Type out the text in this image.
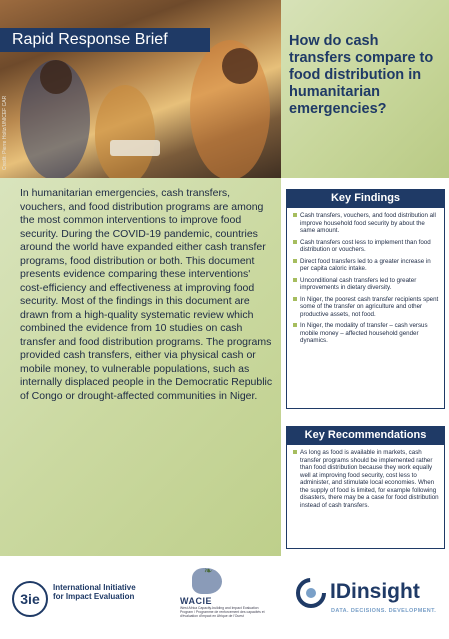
Rapid Response Brief
Credit: Pierre Holtz/UNICEF CAR
How do cash transfers compare to food distribution in humanitarian emergencies?

In humanitarian emergencies, cash transfers, vouchers, and food distribution programs are among the most common interventions to improve food security. During the COVID-19 pandemic, countries around the world have expanded either cash transfer programs, food distribution or both. This document presents evidence comparing these interventions' cost-efficiency and effectiveness at improving food security. Most of the findings in this document are drawn from a high-quality systematic review which combined the evidence from 10 studies on cash transfer and food distribution programs. The programs provided cash transfers, either via physical cash or mobile money, to vulnerable populations, such as internally displaced people in the Democratic Republic of Congo or drought-affected communities in Niger.

Key Findings
Cash transfers, vouchers, and food distribution all improve household food security by about the same amount.
Cash transfers cost less to implement than food distribution or vouchers.
Direct food transfers led to a greater increase in per capita caloric intake.
Unconditional cash transfers led to greater improvements in dietary diversity.
In Niger, the poorest cash transfer recipients spent some of the transfer on agriculture and other productive assets, not food.
In Niger, the modality of transfer – cash versus mobile money – affected household gender dynamics.
Key Recommendations
As long as food is available in markets, cash transfer programs should be implemented rather than food distribution because they work equally well at improving food security, cost less to administer, and stimulate local economies. When the supply of food is limited, for example following disasters, there may be a case for food distribution instead of cash transfers.
3ie
International Initiative for Impact Evaluation
❧
WACIE
West Africa Capacity-building and Impact Evaluation Program / Programme de renforcement des capacités et d'évaluation d'impact en Afrique de l'Ouest
IDinsight
DATA. DECISIONS. DEVELOPMENT.
